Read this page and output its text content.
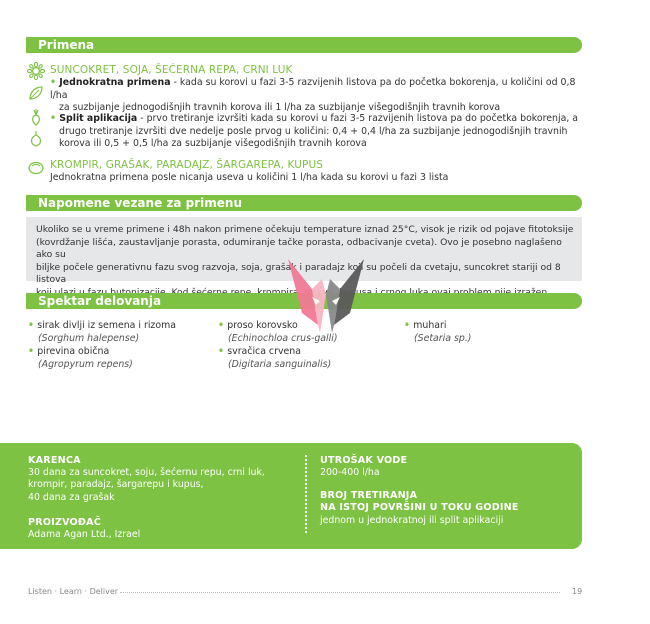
Primena
SUNCOKRET, SOJA, ŠEĆERNA REPA, CRNI LUK
• Jednokratna primena - kada su korovi u fazi 3-5 razvijenih listova pa do početka bokorenja, u količini od 0,8 l/ha
za suzbijanje jednogodišnjih travnih korova ili 1 l/ha za suzbijanje višegodišnjih travnih korova
• Split aplikacija - prvo tretiranje izvršiti kada su korovi u fazi 3-5 razvijenih listova pa do početka bokorenja, a
drugo tretiranje izvršiti dve nedelje posle prvog u količini: 0,4 + 0,4 l/ha za suzbijanje jednogodišnjih travnih
korova ili 0,5 + 0,5 l/ha za suzbijanje višegodišnjih travnih korova
KROMPIR, GRAŠAK, PARADAJZ, ŠARGAREPA, KUPUS
Jednokratna primena posle nicanja useva u količini 1 l/ha kada su korovi u fazi 3 lista
Napomene vezane za primenu
Ukoliko se u vreme primene i 48h nakon primene očekuju temperature iznad 25°C, visok je rizik od pojave fitotoksije
(kovrdžanje lišća, zaustavljanje porasta, odumiranje tačke porasta, odbacivanje cveta). Ovo je posebno naglašeno ako su
biljke počele generativnu fazu svog razvoja, soja, grašak i paradajz koji su počeli da cvetaju, suncokret stariji od 8 listova
Spektar delovanja
• sirak divlji iz semena i rizoma
(Sorghum halepense)
• pirevina obična
(Agropyrum repens)
• proso korovsko
(Echinochloa crus-galli)
• svračica crvena
(Digitaria sanguinalis)
• muhari
(Setaria sp.)
KARENCA
30 dana za suncokret, soju, šećernu repu, crni luk,
krompir, paradajz, šargarepu i kupus,
40 dana za grašak
PROIZVOĐAČ
Adama Agan Ltd., Izrael
UTROŠAK VODE
200-400 l/ha
BROJ TRETIRANJA
NA ISTOJ POVRŠINI U TOKU GODINE
jednom u jednokratnoj ili split aplikaciji
Listen · Learn · Deliver	19
